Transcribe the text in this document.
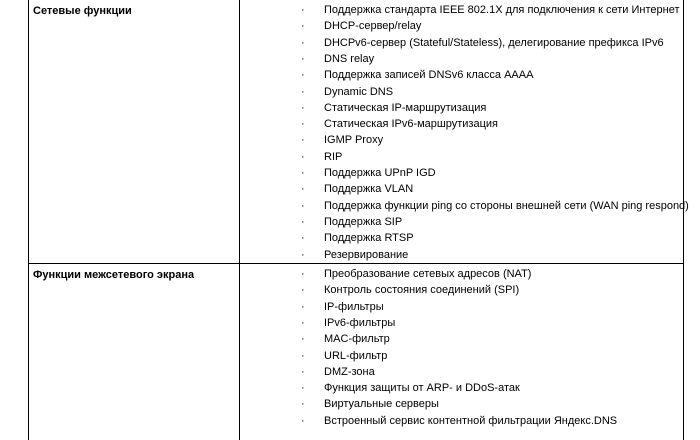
Сетевые функции	· Поддержка стандарта IEEE 802.1X для подключения к сети Интернет
· DHCP-сервер/relay
· DHCPv6-сервер (Stateful/Stateless), делегирование префикса IPv6
· DNS relay
· Поддержка записей DNSv6 класса AAAA
· Dynamic DNS
· Статическая IP-маршрутизация
· Статическая IPv6-маршрутизация
· IGMP Proxy
· RIP
· Поддержка UPnP IGD
· Поддержка VLAN
· Поддержка функции ping со стороны внешней сети (WAN ping respond)
· Поддержка SIP
· Поддержка RTSP
· Резервирование
Функции межсетевого экрана	· Преобразование сетевых адресов (NAT)
· Контроль состояния соединений (SPI)
· IP-фильтры
· IPv6-фильтры
· MAC-фильтр
· URL-фильтр
· DMZ-зона
· Функция защиты от ARP- и DDoS-атак
· Виртуальные серверы
· Встроенный сервис контентной фильтрации Яндекс.DNS
